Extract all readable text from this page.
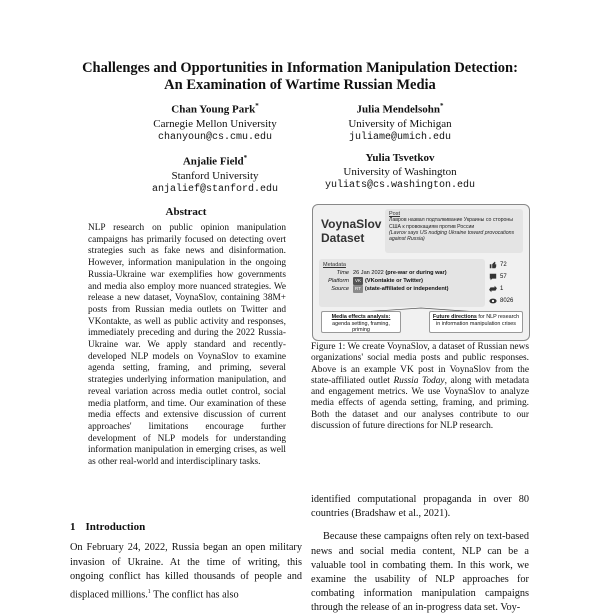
Challenges and Opportunities in Information Manipulation Detection:
An Examination of Wartime Russian Media
Chan Young Park*
Carnegie Mellon University
chanyoun@cs.cmu.edu
Julia Mendelsohn*
University of Michigan
juliame@umich.edu
Anjalie Field*
Stanford University
anjalief@stanford.edu
Yulia Tsvetkov
University of Washington
yuliats@cs.washington.edu
Abstract

NLP research on public opinion manipulation campaigns has primarily focused on detecting overt strategies such as fake news and disinformation. However, information manipulation in the ongoing Russia-Ukraine war exemplifies how governments and media also employ more nuanced strategies. We release a new dataset, VoynaSlov, containing 38M+ posts from Russian media outlets on Twitter and VKontakte, as well as public activity and responses, immediately preceding and during the 2022 Russia-Ukraine war. We apply standard and recently-developed NLP models on VoynaSlov to examine agenda setting, framing, and priming, several strategies underlying information manipulation, and reveal variation across media outlet control, social media platform, and time. Our examination of these media effects and extensive discussion of current approaches' limitations encourage further development of NLP models for understanding information manipulation in emerging crises, as well as other real-world and interdisciplinary tasks.

1 Introduction

On February 24, 2022, Russia began an open military invasion of Ukraine. At the time of writing, this ongoing conflict has killed thousands of people and displaced millions.$^1$ The conflict has also

VoynaSlov
Dataset
Post
Лавров назвал подталкивание Украины со стороны США к провокациям против России
(Lavrov says US nudging Ukraine toward provocations against Russia)
Metadata
Time 26 Jan 2022 (pre-war or during war)
Platform VK (VKontakte or Twitter)
Source RT (state-affiliated or independent)
72
57
1
8026
Media effects analysis:
agenda setting, framing, priming
Future directions for NLP research in information manipulation crises

Figure 1: We create VoynaSlov, a dataset of Russian news organizations' social media posts and public responses. Above is an example VK post in VoynaSlov from the state-affiliated outlet Russia Today, along with metadata and engagement metrics. We use VoynaSlov to analyze media effects of agenda setting, framing, and priming. Both the dataset and our analyses contribute to our discussion of future directions for NLP research.

identified computational propaganda in over 80 countries (Bradshaw et al., 2021).

Because these campaigns often rely on text-based news and social media content, NLP can be a valuable tool in combating them. In this work, we examine the usability of NLP approaches for combating information manipulation campaigns through the release of an in-progress data set. Voy-
